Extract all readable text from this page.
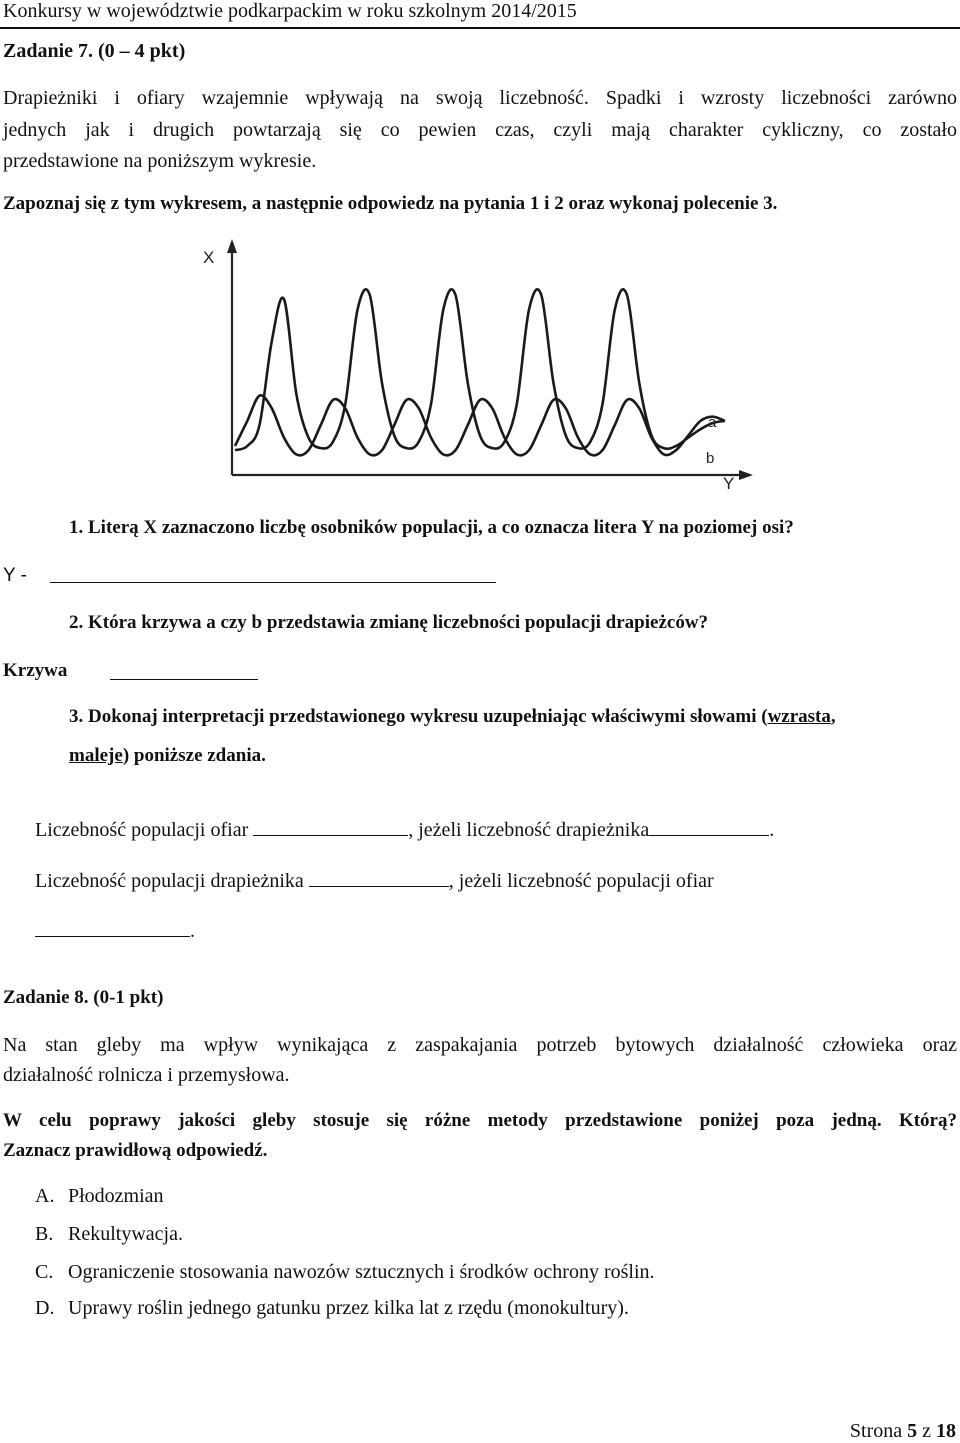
Konkursy w województwie podkarpackim w roku szkolnym 2014/2015
Zadanie 7. (0 – 4 pkt)
Drapieżniki i ofiary wzajemnie wpływają na swoją liczebność. Spadki i wzrosty liczebności zarówno
jednych jak i drugich powtarzają się co pewien czas, czyli mają charakter cykliczny, co zostało
przedstawione na poniższym wykresie.
Zapoznaj się z tym wykresem, a następnie odpowiedz na pytania 1 i 2 oraz wykonaj polecenie 3.
X
Y
a
b
1. Literą X zaznaczono liczbę osobników populacji, a co oznacza litera Y na poziomej osi?
Y -
2. Która krzywa a czy b przedstawia zmianę liczebności populacji drapieżców?
Krzywa
3. Dokonaj interpretacji przedstawionego wykresu uzupełniając właściwymi słowami (wzrasta,
maleje) poniższe zdania.
Liczebność populacji ofiar	, jeżeli liczebność drapieżnika	.
Liczebność populacji drapieżnika	, jeżeli liczebność populacji ofiar
.
Zadanie 8. (0-1 pkt)
Na stan gleby ma wpływ wynikająca z zaspakajania potrzeb bytowych działalność człowieka oraz
działalność rolnicza i przemysłowa.
W celu poprawy jakości gleby stosuje się różne metody przedstawione poniżej poza jedną. Którą?
Zaznacz prawidłową odpowiedź.
A. Płodozmian
B. Rekultywacja.
C. Ograniczenie stosowania nawozów sztucznych i środków ochrony roślin.
D. Uprawy roślin jednego gatunku przez kilka lat z rzędu (monokultury).
Strona 5 z 18
